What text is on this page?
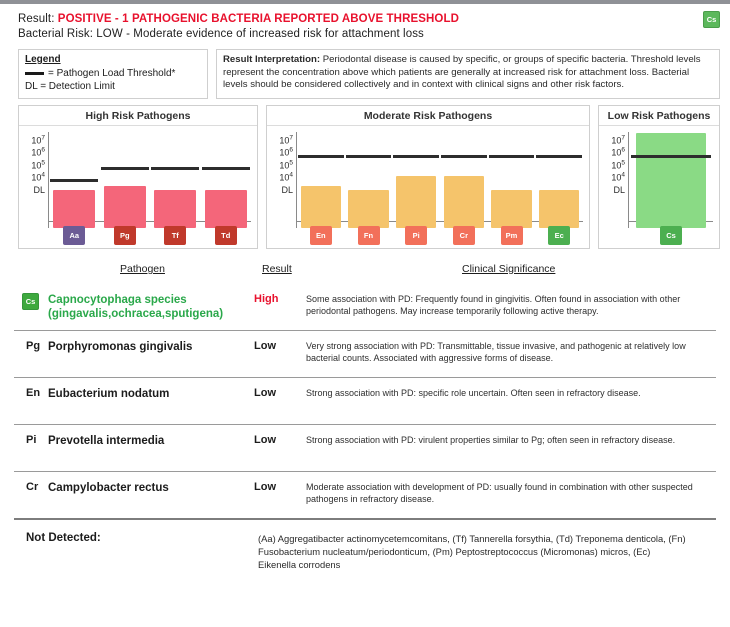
Result: POSITIVE - 1 PATHOGENIC BACTERIA REPORTED ABOVE THRESHOLD
Bacterial Risk: LOW - Moderate evidence of increased risk for attachment loss
Cs
Legend
= Pathogen Load Threshold*
DL = Detection Limit
Result Interpretation: Periodontal disease is caused by specific, or groups of specific bacteria. Threshold levels represent the concentration above which patients are generally at increased risk for attachment loss. Bacterial levels should be considered collectively and in context with clinical signs and other risk factors.
High Risk Pathogens
$10^7$
$10^6$
$10^5$
$10^4$
DL
Aa	Pg	Tf	Td
Moderate Risk Pathogens
$10^7$
$10^6$
$10^5$
$10^4$
DL
En	Fn	Pi	Cr	Pm	Ec
Low Risk Pathogens
$10^7$
$10^6$
$10^5$
$10^4$
DL
Cs
Pathogen	Result	Clinical Significance
Cs	Capnocytophaga species
(gingavalis,ochracea,sputigena)
High	Some association with PD: Frequently found in gingivitis. Often found in association with other periodontal pathogens. May increase temporarily following active therapy.
Pg Porphyromonas gingivalis	Low	Very strong association with PD: Transmittable, tissue invasive, and pathogenic at relatively low bacterial counts. Associated with aggressive forms of disease.
En Eubacterium nodatum	Low	Strong association with PD: specific role uncertain. Often seen in refractory disease.
Pi	Prevotella intermedia	Low	Strong association with PD: virulent properties similar to Pg; often seen in refractory disease.
Cr Campylobacter rectus	Low	Moderate association with development of PD: usually found in combination with other suspected pathogens in refractory disease.
Not Detected:	(Aa) Aggregatibacter actinomycetemcomitans, (Tf) Tannerella forsythia, (Td) Treponema denticola, (Fn) Fusobacterium nucleatum/periodonticum, (Pm) Peptostreptococcus (Micromonas) micros, (Ec) Eikenella corrodens
